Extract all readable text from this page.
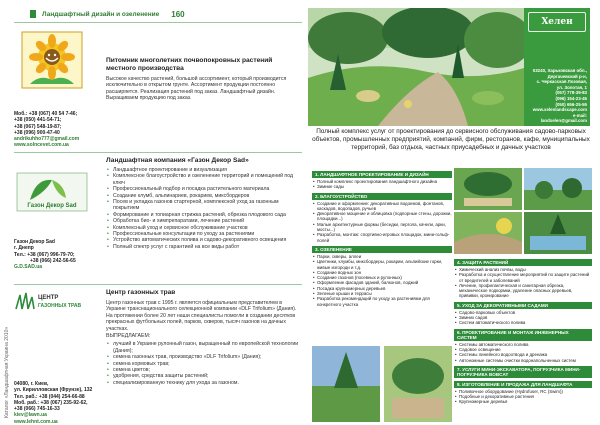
Ландшафтный дизайн и озеленение 160
Каталог «Ландшафтная Украина 2010»
Моб.: +38 (067) 40 54 7-46;
+38 (050) 441-54-71;
+38 (067) 548-19-87;
+38 (096) 900-47-40
andrikuhho777@gmail.com
www.solncevet.com.ua
Питомник многолетних почвопокровных растений местного производства
Высокое качество растений, большой ассортимент, который производится исключительно в открытом грунте. Ассортимент продукции постоянно расширяется. Реализация растений под заказ. Ландшафтный дизайн. Выращиваем продукцию под заказ.
Газон Декор Sad
Газон Декор Sad
г. Днепр
Тел.: +38 (067) 996-79-70;
+38 (066) 242-56-65
G.D.SAD.ua
Ландшафтная компания «Газон Декор Sad»
• Ландшафтное проектирование и визуализация
• Комплексное благоустройство и озеленение территорий и помещений под ключ
• Профессиональный подбор и посадка растительного материала
• Создание клумб, альпинариев, рокариев, миксбордеров
• Посев и укладка газонов стартерной, комплексной уход за газонным покрытием
• Формирование и топиарная стрижка растений, обрезка плодового сада
• Обработка био- и химпрепаратами, лечение растений
• Комплексный уход и сервисное обслуживание участков
• Профессиональные консультации по уходу за растениями
• Устройство автоматических полива и садово-декоративного освещения
• Полный спектр услуг с гарантией на все виды работ
ЦЕНТР
ГАЗОННЫХ ТРАВ
04080, г. Киев,
ул. Кирилловская (Фрунзе), 132
Тел. раб.: +38 (044) 254-66-88
Моб. раб.: +38 (067) 235-92-62,
+38 (066) 745-16-33
kiev@lawn.ua
www.lehnt.com.ua
Центр газонных трав
Центр газонных трав с 1995 г. является официальным представителем в Украине транснационального селекционной компании «DLF Trifolium» (Дания). На протяжении более 20 лет наши специалисты помогли в создании десятков прекрасных футбольных полей, парков, скверов, тысяч газонов на дачных участках.
ВЫПРЕДЛАГАЕМ:
• лучший в Украине рулонный газон, выращенный по европейской технологии (Дания);
• семена газонных трав, производство «DLF Trifolium» (Дания);
• семена кормовых трав;
• семена цветов;
• удобрения, средства защиты растений;
• специализированную технику для ухода за газоном.
Хелен
03240, Харьковская обл.,
Дергачевский р-н,
с. Черкасская Лозовая,
ул. Золотая, 1
(057) 778-39-83
(096) 154-23-45
(050) 656-25-55
www.xelenlandscape.com
e-mail: landxelen@gmail.com
Полный комплекс услуг от проектирования до сервисного обслуживания садово-парковых объектов, промышленных предприятий, компаний, фирм, ресторанов, кафе, муниципальных территорий, баз отдыха, частных приусадебных и дачных участков
1. ЛАНДШАФТНОЕ ПРОЕКТИРОВАНИЕ И ДИЗАЙН
• Полный комплекс проектирования ландшафтного дизайна
• Зимние сады
2. БЛАГОУСТРОЙСТВО
• Создание и оформление: декоративных водоемов, фонтанов, каскадов, водопадов, ручьев
• Декоративное мощение и облицовка (подпорные стены, дорожки, площадки...)
• Малые архитектурные формы (беседки, пергола, качели, арки, мосты...)
• Разработка, монтаж: спортивно-игровых площадок, мини-гольф-полей
3. ОЗЕЛЕНЕНИЕ
• Парки, скверы, аллеи
• Цветники, клумбы, миксбордеры, рокарии, альпийские горки, живые изгороди и т.д.
• Создание водных зон
• Создание газонов (посевных и рулонных)
• Оформление фасадов зданий, балконов, лоджий
• Посадка крупномерных деревьев
• Зеленые крыши и террасы
• Разработка рекомендаций по уходу за растениями для конкретного участка
4. ЗАЩИТА РАСТЕНИЙ
• Химический анализ почвы, воды
• Разработка и осуществление мероприятий по защите растений от вредителей и заболеваний
• Лечение, профилактическая и санитарная обрезка, механическое подкормки, удаление опасных деревьев, прививки, кронирование
5. УХОД ЗА ДЕКОРАТИВНЫМИ САДАМИ
• Садово-парковых объектов
• Зимних садов
• Систем автоматического полива
6. ПРОЕКТИРОВАНИЕ И МОНТАЖ ИНЖЕНЕРНЫХ СИСТЕМ
• Системы автоматического полива
• Садовое освещение
• Системы линейного водоотвода и дренажа
• Автономные системы очистки водонапольненных систем
7. УСЛУГИ МИНИ-ЭКСКАВАТОРА, ПОГРУЗЧИКА МИНИ-ПОГРУЗЧИКА BOBCAT
8. ИЗГОТОВЛЕНИЕ И ПРОДАЖА ДЛЯ ЛАНДШАФТА
• Поливочное оборудование (Hydrofuser, RC (Swim))
• Подобные и декоративные растения
• Крупномерные деревья
